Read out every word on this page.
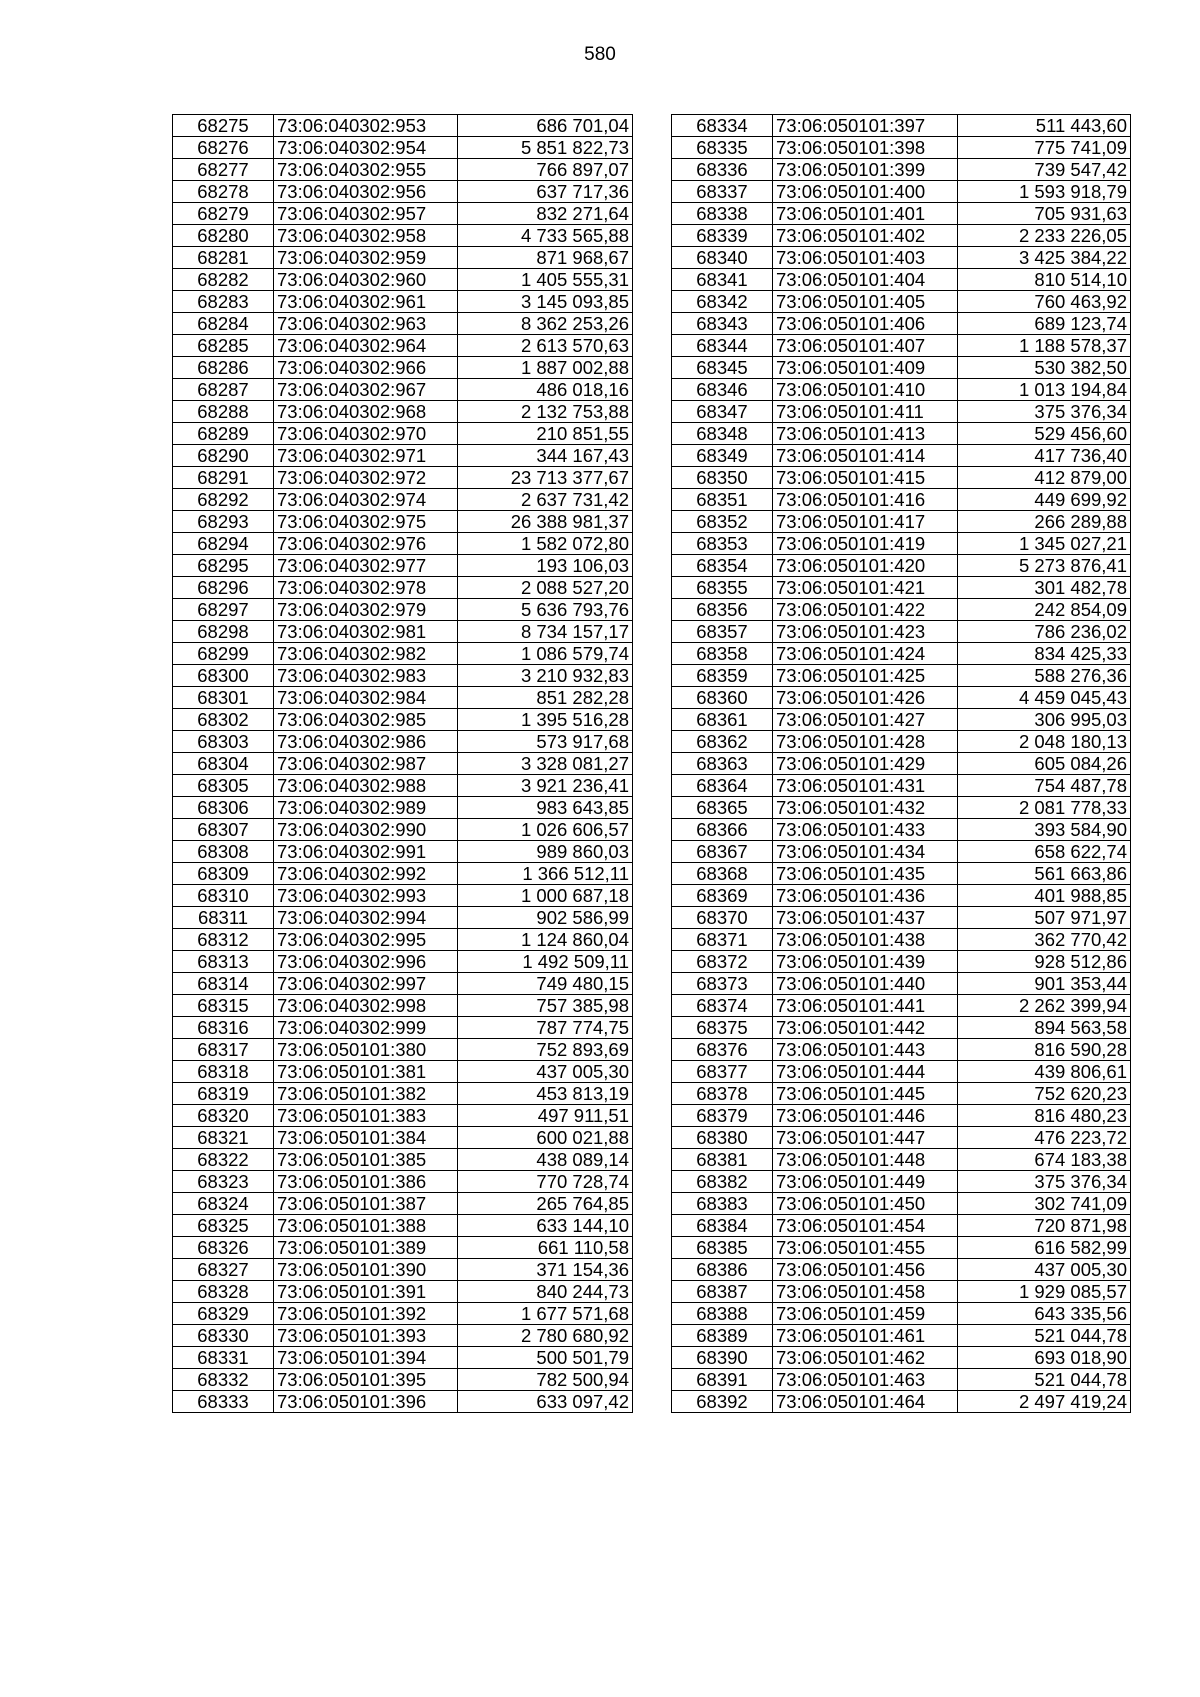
580
68275	73:06:040302:953	686 701,04
68276	73:06:040302:954	5 851 822,73
68277	73:06:040302:955	766 897,07
68278	73:06:040302:956	637 717,36
68279	73:06:040302:957	832 271,64
68280	73:06:040302:958	4 733 565,88
68281	73:06:040302:959	871 968,67
68282	73:06:040302:960	1 405 555,31
68283	73:06:040302:961	3 145 093,85
68284	73:06:040302:963	8 362 253,26
68285	73:06:040302:964	2 613 570,63
68286	73:06:040302:966	1 887 002,88
68287	73:06:040302:967	486 018,16
68288	73:06:040302:968	2 132 753,88
68289	73:06:040302:970	210 851,55
68290	73:06:040302:971	344 167,43
68291	73:06:040302:972	23 713 377,67
68292	73:06:040302:974	2 637 731,42
68293	73:06:040302:975	26 388 981,37
68294	73:06:040302:976	1 582 072,80
68295	73:06:040302:977	193 106,03
68296	73:06:040302:978	2 088 527,20
68297	73:06:040302:979	5 636 793,76
68298	73:06:040302:981	8 734 157,17
68299	73:06:040302:982	1 086 579,74
68300	73:06:040302:983	3 210 932,83
68301	73:06:040302:984	851 282,28
68302	73:06:040302:985	1 395 516,28
68303	73:06:040302:986	573 917,68
68304	73:06:040302:987	3 328 081,27
68305	73:06:040302:988	3 921 236,41
68306	73:06:040302:989	983 643,85
68307	73:06:040302:990	1 026 606,57
68308	73:06:040302:991	989 860,03
68309	73:06:040302:992	1 366 512,11
68310	73:06:040302:993	1 000 687,18
68311	73:06:040302:994	902 586,99
68312	73:06:040302:995	1 124 860,04
68313	73:06:040302:996	1 492 509,11
68314	73:06:040302:997	749 480,15
68315	73:06:040302:998	757 385,98
68316	73:06:040302:999	787 774,75
68317	73:06:050101:380	752 893,69
68318	73:06:050101:381	437 005,30
68319	73:06:050101:382	453 813,19
68320	73:06:050101:383	497 911,51
68321	73:06:050101:384	600 021,88
68322	73:06:050101:385	438 089,14
68323	73:06:050101:386	770 728,74
68324	73:06:050101:387	265 764,85
68325	73:06:050101:388	633 144,10
68326	73:06:050101:389	661 110,58
68327	73:06:050101:390	371 154,36
68328	73:06:050101:391	840 244,73
68329	73:06:050101:392	1 677 571,68
68330	73:06:050101:393	2 780 680,92
68331	73:06:050101:394	500 501,79
68332	73:06:050101:395	782 500,94
68333	73:06:050101:396	633 097,42
68334	73:06:050101:397	511 443,60
68335	73:06:050101:398	775 741,09
68336	73:06:050101:399	739 547,42
68337	73:06:050101:400	1 593 918,79
68338	73:06:050101:401	705 931,63
68339	73:06:050101:402	2 233 226,05
68340	73:06:050101:403	3 425 384,22
68341	73:06:050101:404	810 514,10
68342	73:06:050101:405	760 463,92
68343	73:06:050101:406	689 123,74
68344	73:06:050101:407	1 188 578,37
68345	73:06:050101:409	530 382,50
68346	73:06:050101:410	1 013 194,84
68347	73:06:050101:411	375 376,34
68348	73:06:050101:413	529 456,60
68349	73:06:050101:414	417 736,40
68350	73:06:050101:415	412 879,00
68351	73:06:050101:416	449 699,92
68352	73:06:050101:417	266 289,88
68353	73:06:050101:419	1 345 027,21
68354	73:06:050101:420	5 273 876,41
68355	73:06:050101:421	301 482,78
68356	73:06:050101:422	242 854,09
68357	73:06:050101:423	786 236,02
68358	73:06:050101:424	834 425,33
68359	73:06:050101:425	588 276,36
68360	73:06:050101:426	4 459 045,43
68361	73:06:050101:427	306 995,03
68362	73:06:050101:428	2 048 180,13
68363	73:06:050101:429	605 084,26
68364	73:06:050101:431	754 487,78
68365	73:06:050101:432	2 081 778,33
68366	73:06:050101:433	393 584,90
68367	73:06:050101:434	658 622,74
68368	73:06:050101:435	561 663,86
68369	73:06:050101:436	401 988,85
68370	73:06:050101:437	507 971,97
68371	73:06:050101:438	362 770,42
68372	73:06:050101:439	928 512,86
68373	73:06:050101:440	901 353,44
68374	73:06:050101:441	2 262 399,94
68375	73:06:050101:442	894 563,58
68376	73:06:050101:443	816 590,28
68377	73:06:050101:444	439 806,61
68378	73:06:050101:445	752 620,23
68379	73:06:050101:446	816 480,23
68380	73:06:050101:447	476 223,72
68381	73:06:050101:448	674 183,38
68382	73:06:050101:449	375 376,34
68383	73:06:050101:450	302 741,09
68384	73:06:050101:454	720 871,98
68385	73:06:050101:455	616 582,99
68386	73:06:050101:456	437 005,30
68387	73:06:050101:458	1 929 085,57
68388	73:06:050101:459	643 335,56
68389	73:06:050101:461	521 044,78
68390	73:06:050101:462	693 018,90
68391	73:06:050101:463	521 044,78
68392	73:06:050101:464	2 497 419,24
